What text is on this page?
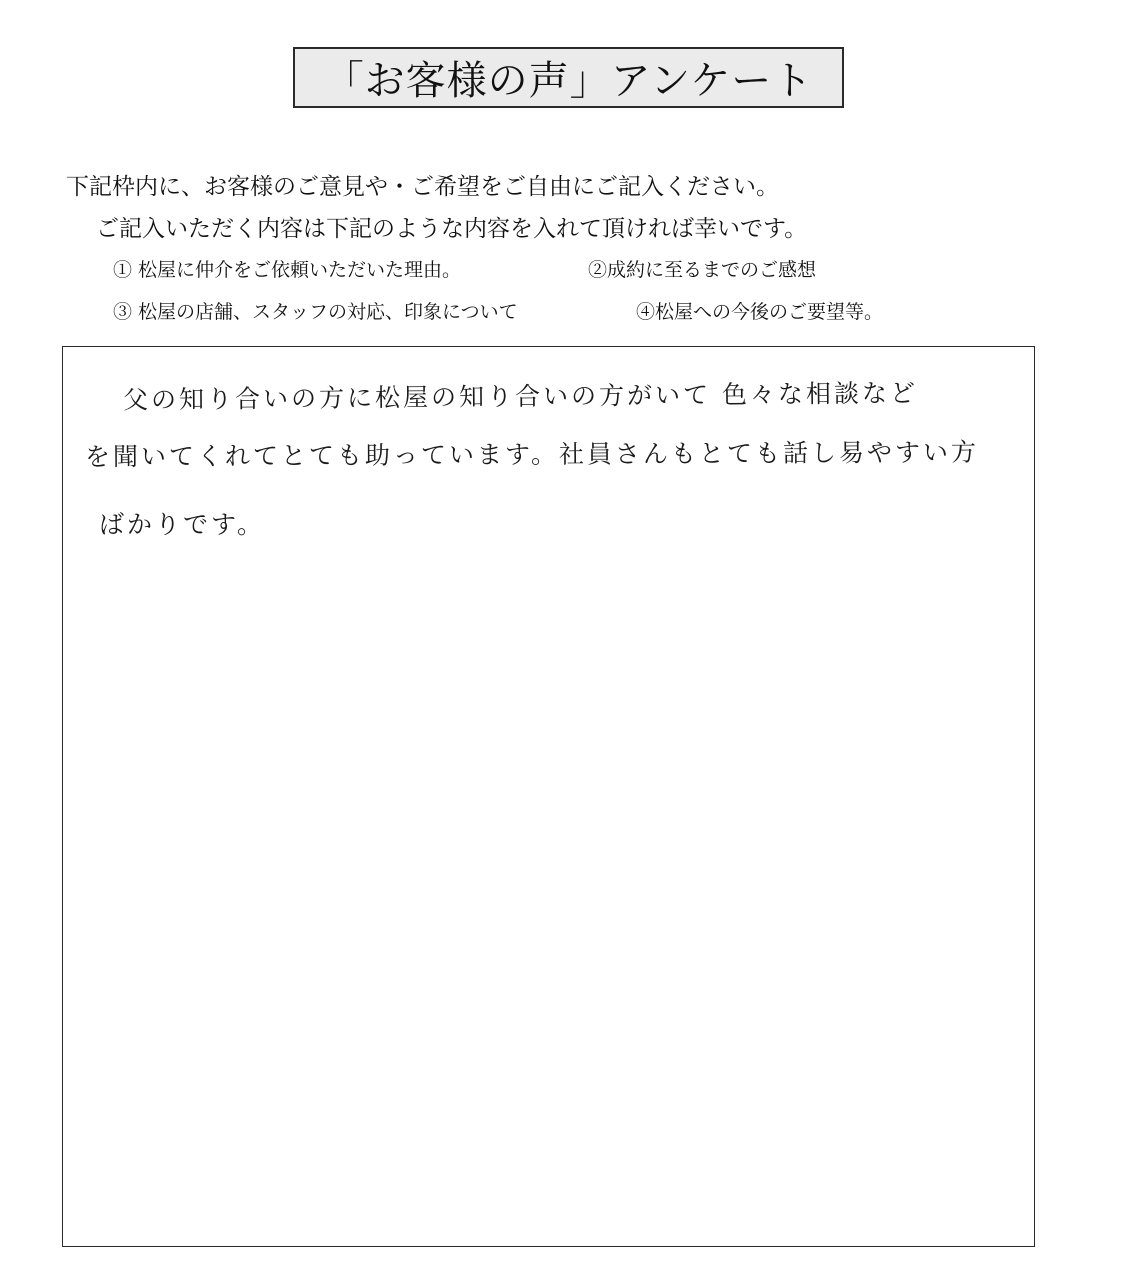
「お客様の声」アンケート
下記枠内に、お客様のご意見や・ご希望をご自由にご記入ください。
ご記入いただく内容は下記のような内容を入れて頂ければ幸いです。
① 松屋に仲介をご依頼いただいた理由。	②成約に至るまでのご感想
③ 松屋の店舗、スタッフの対応、印象について	④松屋への今後のご要望等。
父の知り合いの方に松屋の知り合いの方がいて 色々な相談など
を聞いてくれてとても助っています。社員さんもとても話し易やすい方
ばかりです。
